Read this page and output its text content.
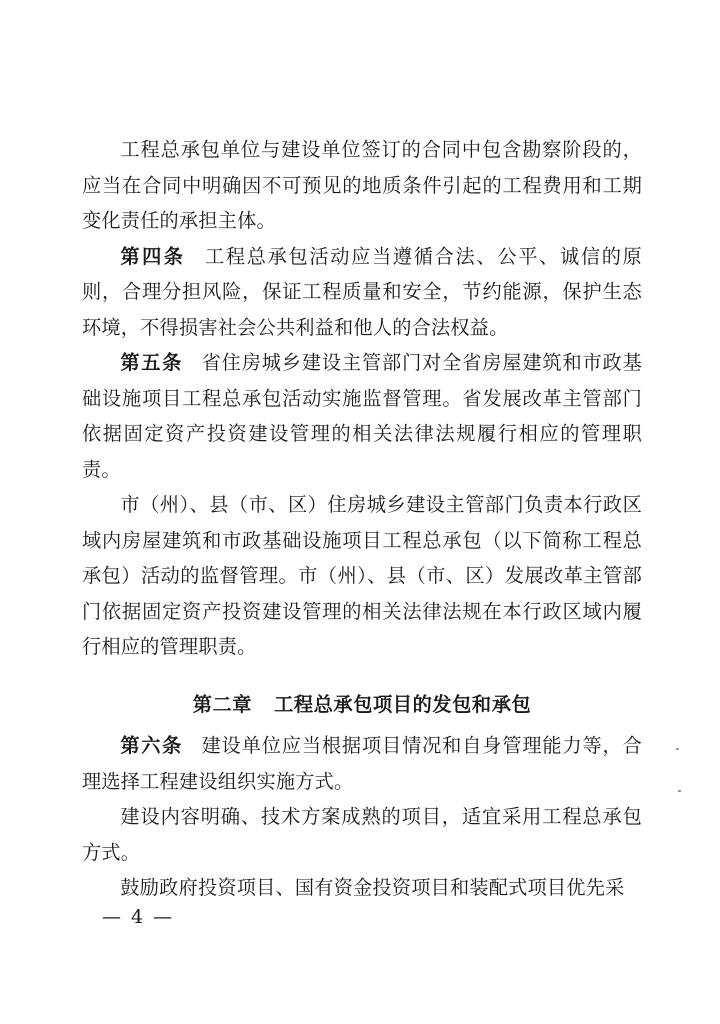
工程总承包单位与建设单位签订的合同中包含勘察阶段的，应当在合同中明确因不可预见的地质条件引起的工程费用和工期变化责任的承担主体。

第四条 工程总承包活动应当遵循合法、公平、诚信的原则，合理分担风险，保证工程质量和安全，节约能源，保护生态环境，不得损害社会公共利益和他人的合法权益。

第五条 省住房城乡建设主管部门对全省房屋建筑和市政基础设施项目工程总承包活动实施监督管理。省发展改革主管部门依据固定资产投资建设管理的相关法律法规履行相应的管理职责。

市（州）、县（市、区）住房城乡建设主管部门负责本行政区域内房屋建筑和市政基础设施项目工程总承包（以下简称工程总承包）活动的监督管理。市（州）、县（市、区）发展改革主管部门依据固定资产投资建设管理的相关法律法规在本行政区域内履行相应的管理职责。

第二章 工程总承包项目的发包和承包

第六条 建设单位应当根据项目情况和自身管理能力等，合理选择工程建设组织实施方式。

建设内容明确、技术方案成熟的项目，适宜采用工程总承包方式。

鼓励政府投资项目、国有资金投资项目和装配式项目优先采

— 4 —
